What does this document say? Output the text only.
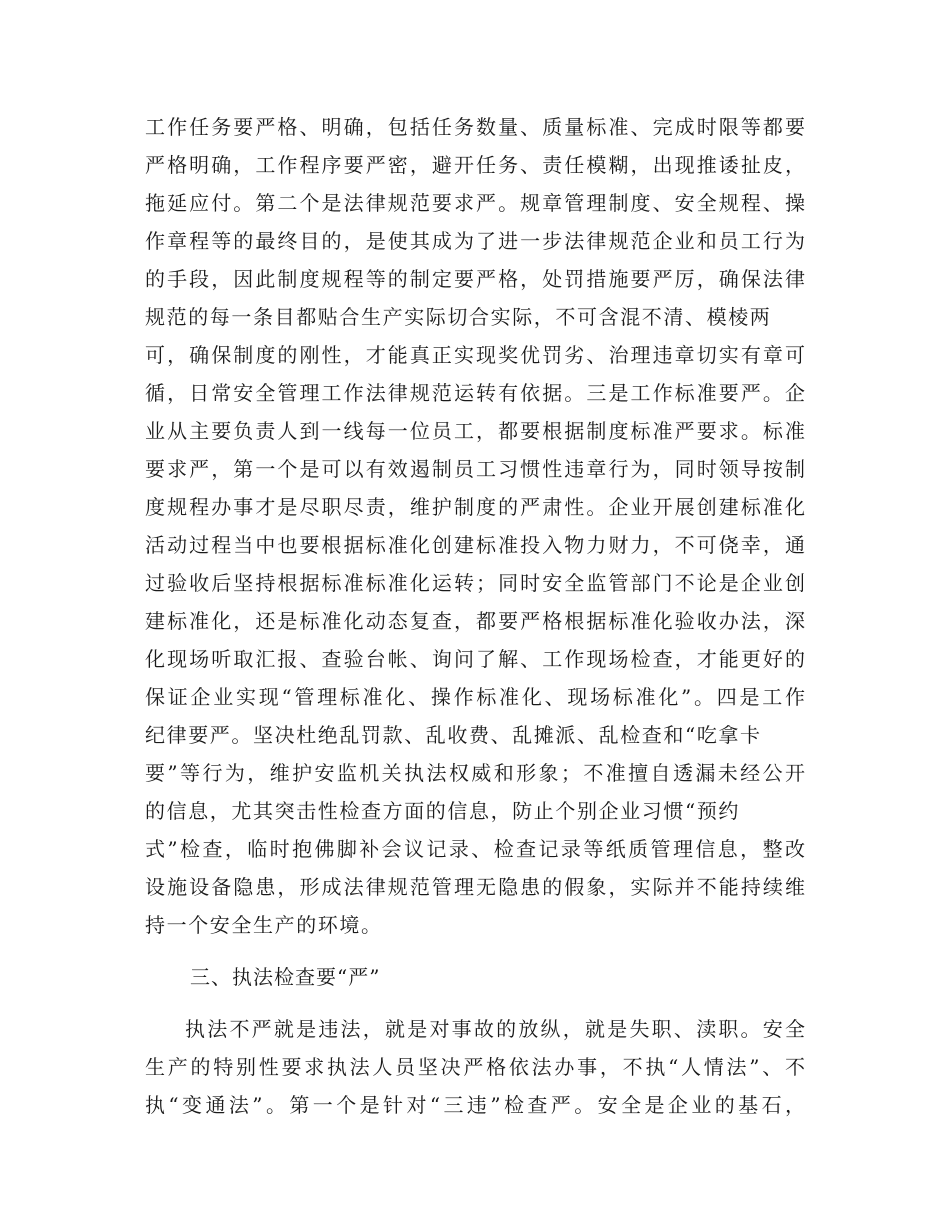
工作任务要严格、明确，包括任务数量、质量标准、完成时限等都要
严格明确，工作程序要严密，避开任务、责任模糊，出现推诿扯皮，
拖延应付。第二个是法律规范要求严。规章管理制度、安全规程、操
作章程等的最终目的，是使其成为了进一步法律规范企业和员工行为
的手段，因此制度规程等的制定要严格，处罚措施要严厉，确保法律
规范的每一条目都贴合生产实际切合实际，不可含混不清、模棱两
可，确保制度的刚性，才能真正实现奖优罚劣、治理违章切实有章可
循，日常安全管理工作法律规范运转有依据。三是工作标准要严。企
业从主要负责人到一线每一位员工，都要根据制度标准严要求。标准
要求严，第一个是可以有效遏制员工习惯性违章行为，同时领导按制
度规程办事才是尽职尽责，维护制度的严肃性。企业开展创建标准化
活动过程当中也要根据标准化创建标准投入物力财力，不可侥幸，通
过验收后坚持根据标准标准化运转；同时安全监管部门不论是企业创
建标准化，还是标准化动态复查，都要严格根据标准化验收办法，深
化现场听取汇报、查验台帐、询问了解、工作现场检查，才能更好的
保证企业实现“管理标准化、操作标准化、现场标准化”。四是工作
纪律要严。坚决杜绝乱罚款、乱收费、乱摊派、乱检查和“吃拿卡
要”等行为，维护安监机关执法权威和形象；不准擅自透漏未经公开
的信息，尤其突击性检查方面的信息，防止个别企业习惯“预约
式”检查，临时抱佛脚补会议记录、检查记录等纸质管理信息，整改
设施设备隐患，形成法律规范管理无隐患的假象，实际并不能持续维
持一个安全生产的环境。
三、执法检查要“严”
执法不严就是违法，就是对事故的放纵，就是失职、渎职。安全
生产的特别性要求执法人员坚决严格依法办事，不执“人情法”、不
执“变通法”。第一个是针对“三违”检查严。安全是企业的基石，
